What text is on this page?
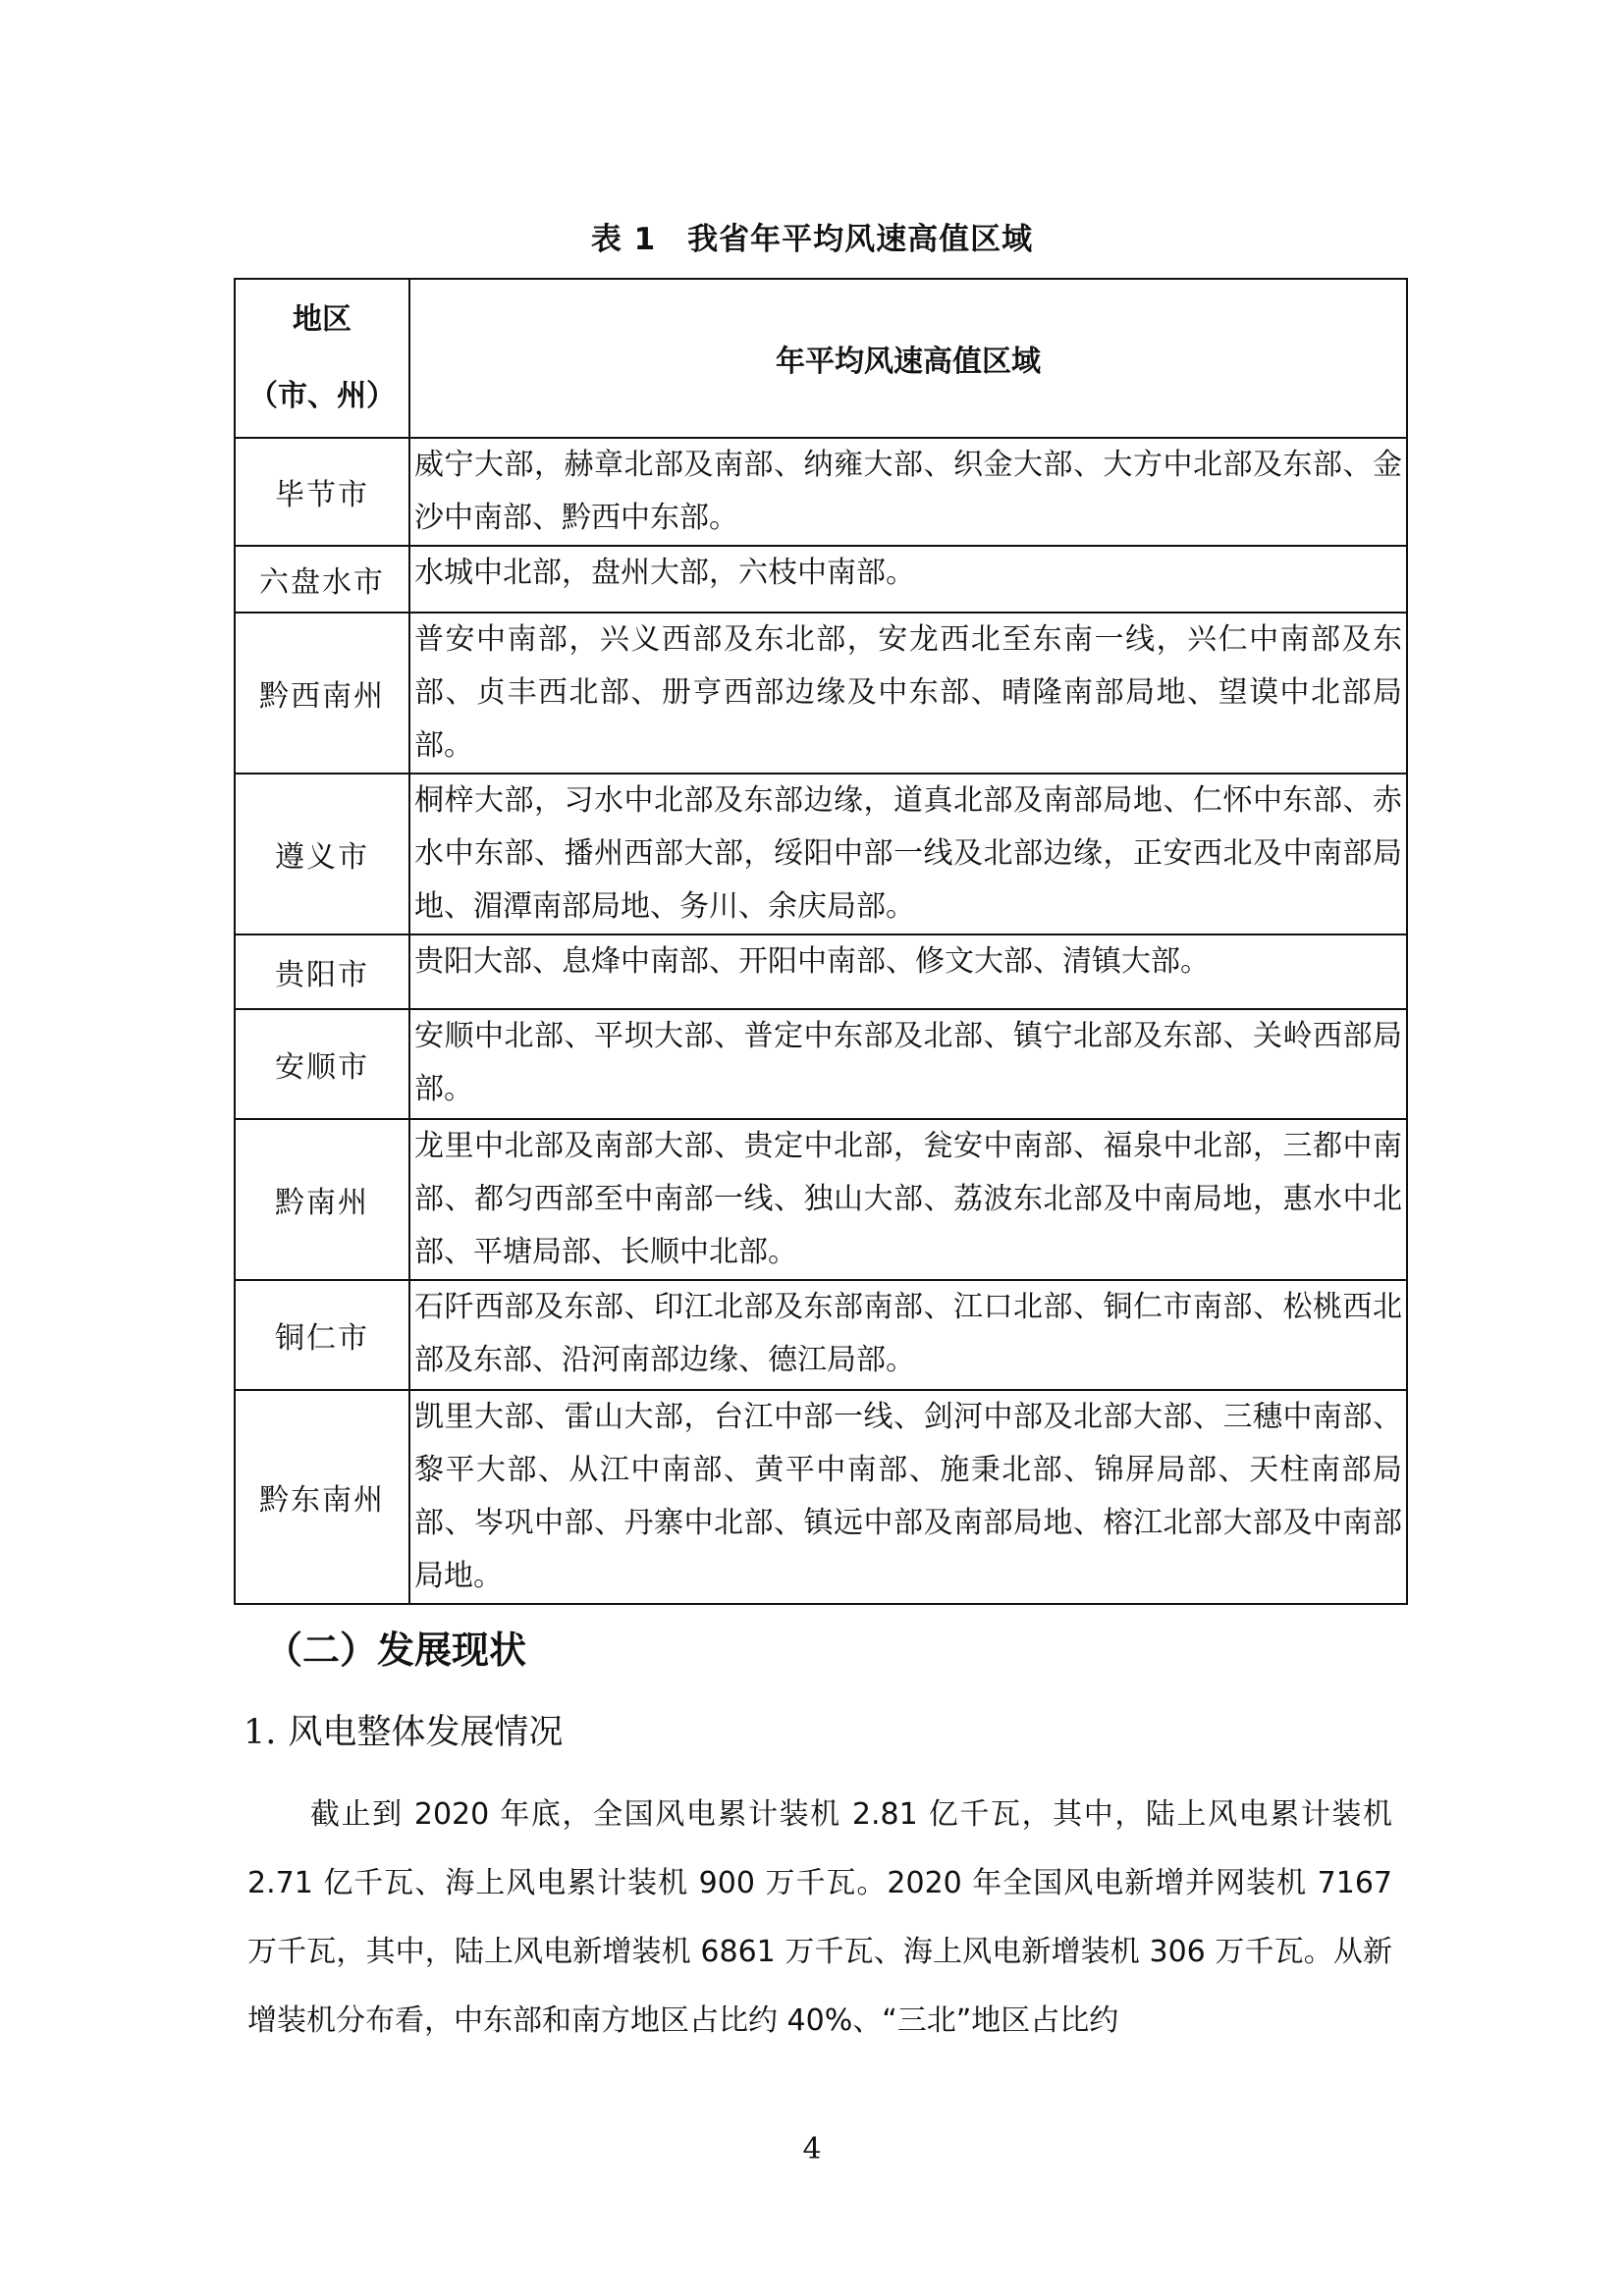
表 1　我省年平均风速高值区域
地区
（市、州）	年平均风速高值区域
毕节市	威宁大部，赫章北部及南部、纳雍大部、织金大部、大方中北部及东部、金沙中南部、黔西中东部。
六盘水市	水城中北部，盘州大部，六枝中南部。
黔西南州	普安中南部，兴义西部及东北部，安龙西北至东南一线，兴仁中南部及东部、贞丰西北部、册亨西部边缘及中东部、晴隆南部局地、望谟中北部局部。
遵义市	桐梓大部，习水中北部及东部边缘，道真北部及南部局地、仁怀中东部、赤水中东部、播州西部大部，绥阳中部一线及北部边缘，正安西北及中南部局地、湄潭南部局地、务川、余庆局部。
贵阳市	贵阳大部、息烽中南部、开阳中南部、修文大部、清镇大部。
安顺市	安顺中北部、平坝大部、普定中东部及北部、镇宁北部及东部、关岭西部局部。
黔南州	龙里中北部及南部大部、贵定中北部，瓮安中南部、福泉中北部，三都中南部、都匀西部至中南部一线、独山大部、荔波东北部及中南局地，惠水中北部、平塘局部、长顺中北部。
铜仁市	石阡西部及东部、印江北部及东部南部、江口北部、铜仁市南部、松桃西北部及东部、沿河南部边缘、德江局部。
黔东南州	凯里大部、雷山大部，台江中部一线、剑河中部及北部大部、三穗中南部、黎平大部、从江中南部、黄平中南部、施秉北部、锦屏局部、天柱南部局部、岑巩中部、丹寨中北部、镇远中部及南部局地、榕江北部大部及中南部局地。
（二）发展现状
1. 风电整体发展情况
截止到 2020 年底，全国风电累计装机 2.81 亿千瓦，其中，陆上风电累计装机 2.71 亿千瓦、海上风电累计装机 900 万千瓦。2020 年全国风电新增并网装机 7167 万千瓦，其中，陆上风电新增装机 6861 万千瓦、海上风电新增装机 306 万千瓦。从新增装机分布看，中东部和南方地区占比约 40%、“三北”地区占比约
4
